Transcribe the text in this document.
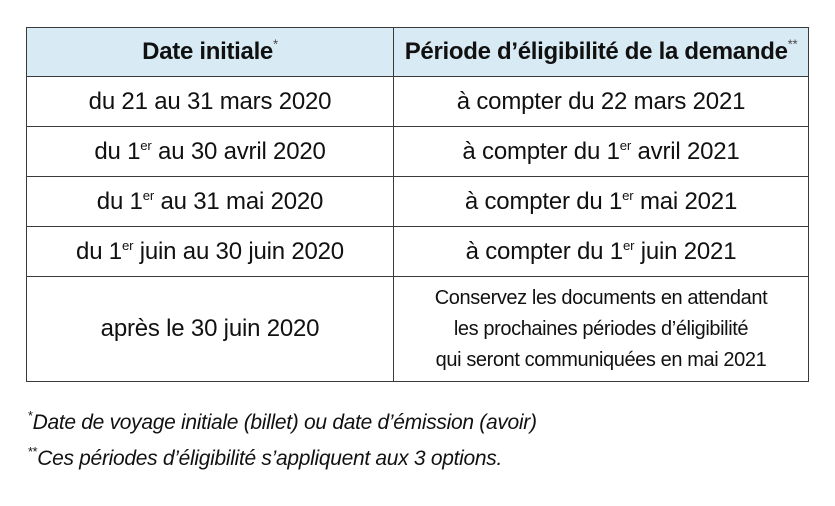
Date initiale*	Période d’éligibilité de la demande**
du 21 au 31 mars 2020	à compter du 22 mars 2021
du 1er au 30 avril 2020	à compter du 1er avril 2021
du 1er au 31 mai 2020	à compter du 1er mai 2021
du 1er juin au 30 juin 2020	à compter du 1er juin 2021
après le 30 juin 2020	Conservez les documents en attendant
les prochaines périodes d’éligibilité
qui seront communiquées en mai 2021
*Date de voyage initiale (billet) ou date d’émission (avoir)
**Ces périodes d’éligibilité s’appliquent aux 3 options.
